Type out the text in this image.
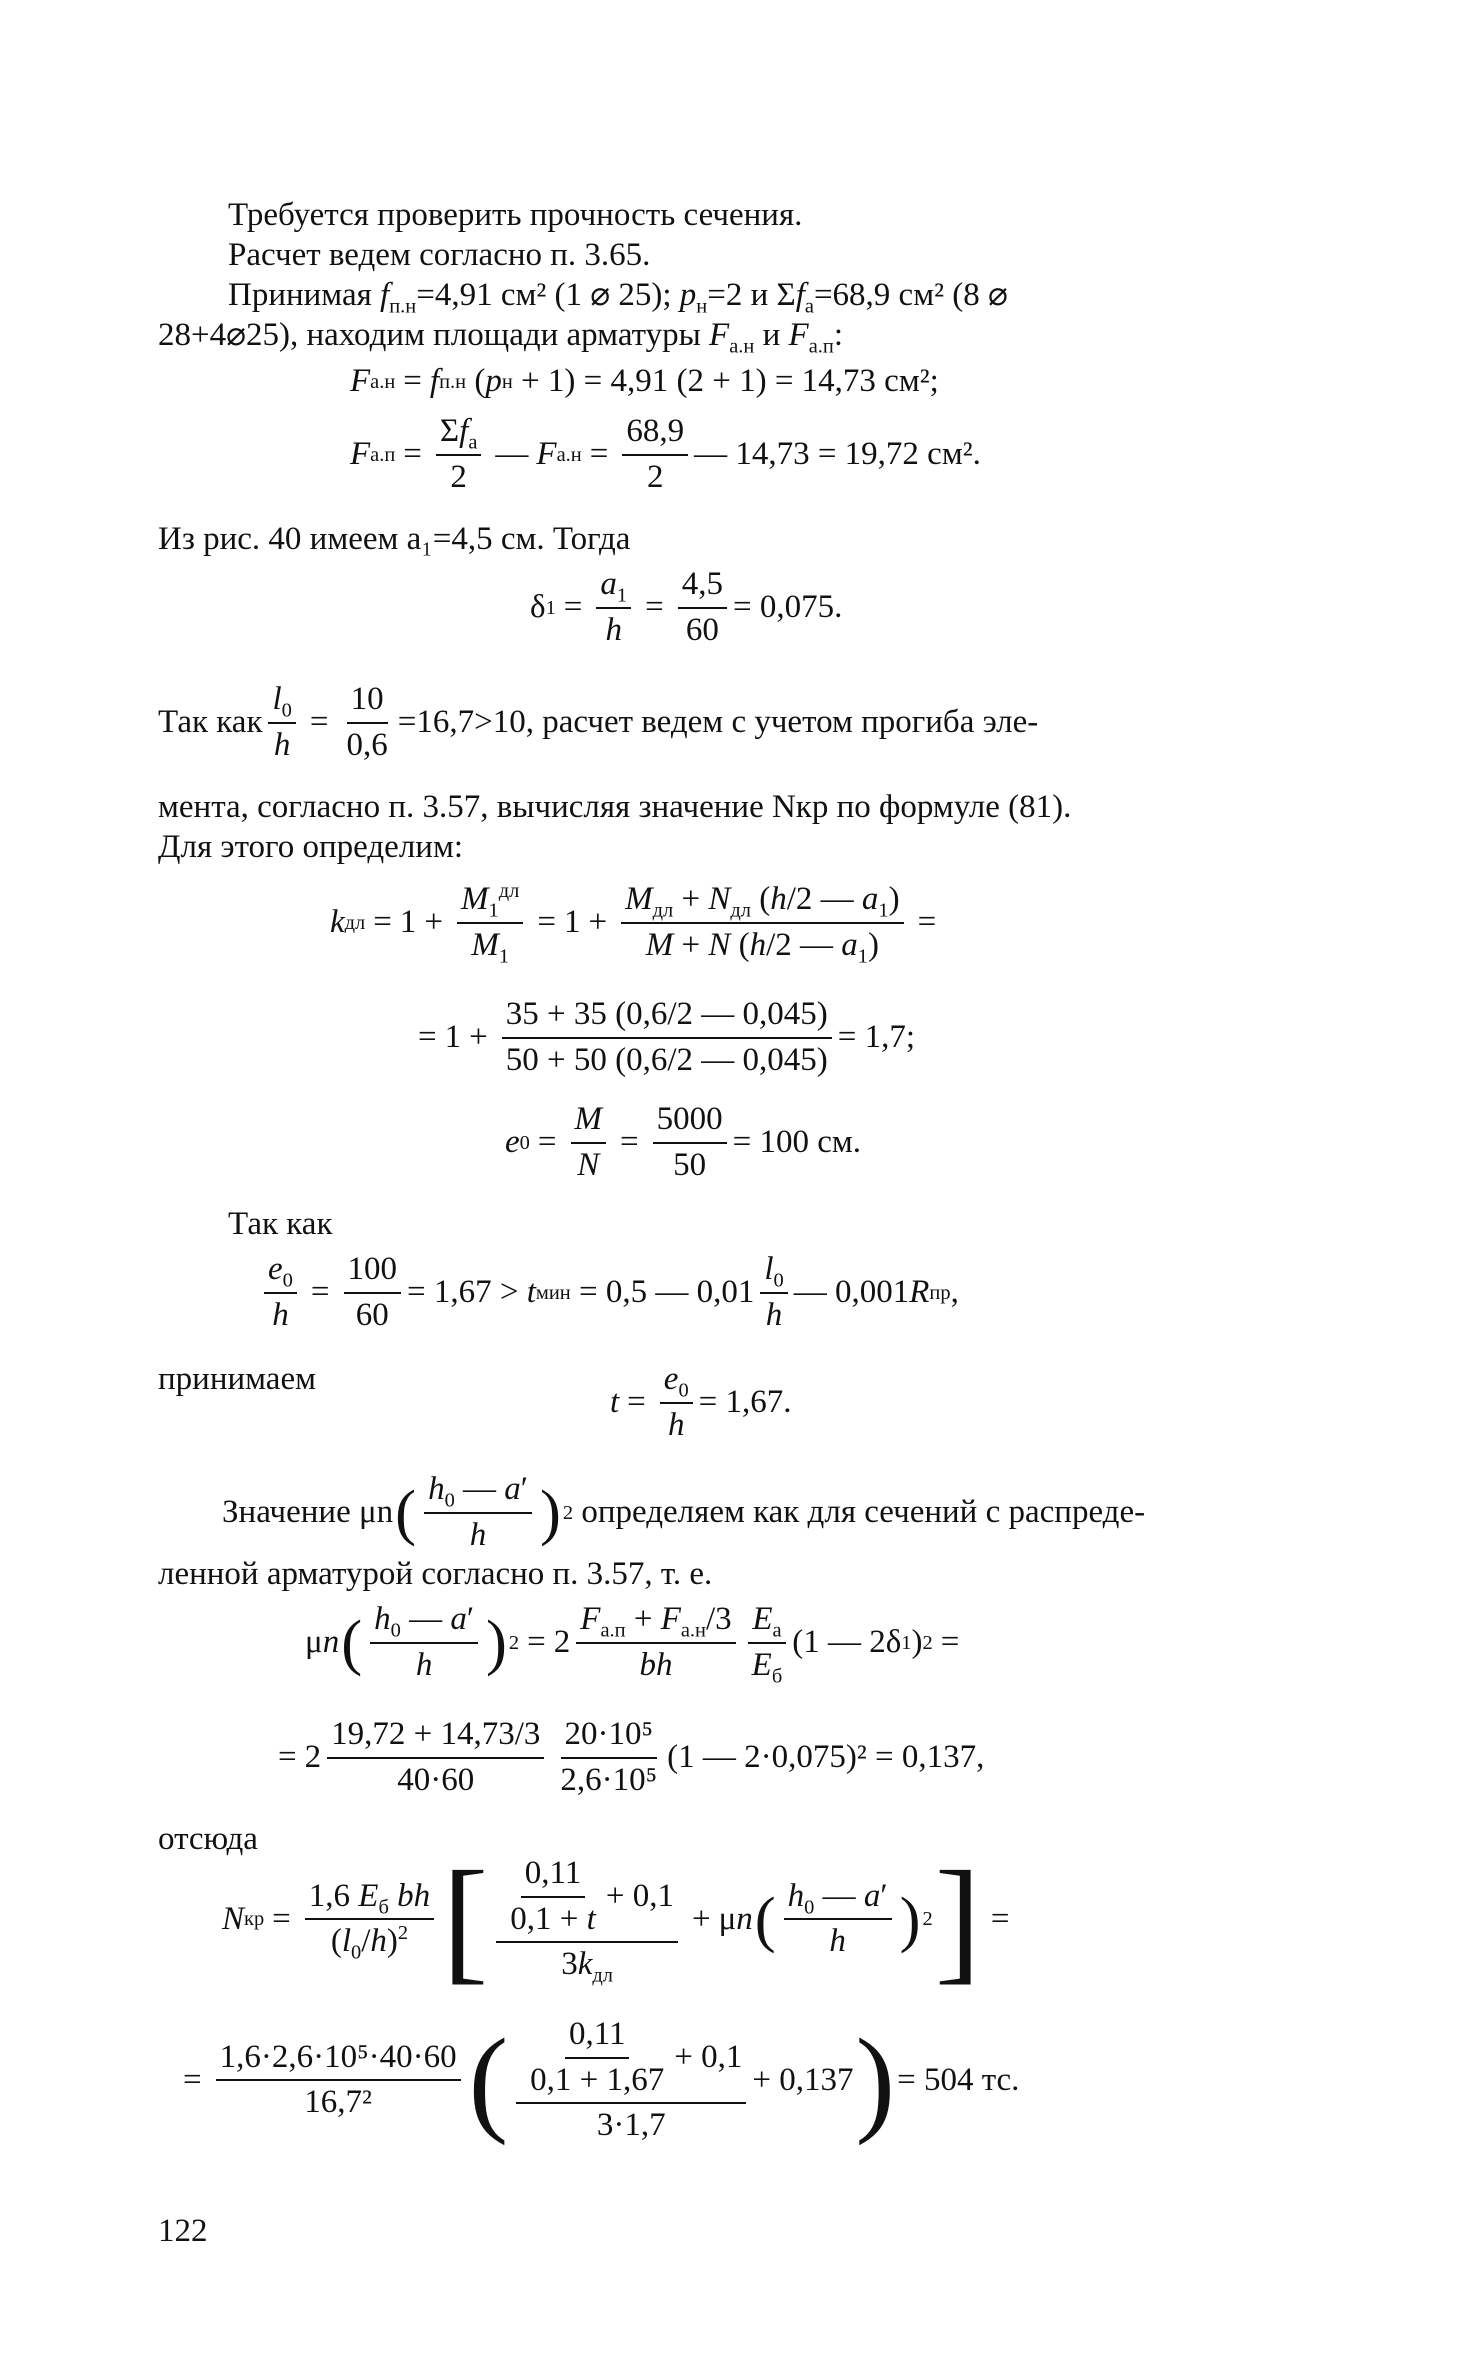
Требуется проверить прочность сечения.
Расчет ведем согласно п. 3.65.
Принимая $f_{п.н}=4,91$ см² (1 ⌀ 25); $p_н=2$ и $\Sigma f_а=68,9$ см² (8 ⌀
28+4⌀25), находим площади арматуры $F_{а.н}$ и $F_{а.п}$:
F а.н = f п.н ( p н + 1) = 4,91 (2 + 1) = 14,73 см²;
F $а.п = \frac{\Sigma f_а}{2}$ — F $а.н = \frac{68,9}{2}$ — 14,73 = 19,72 см².
Из рис. 40 имеем a₁=4,5 см. Тогда
δ $1 = \frac{a_1}{h} = \frac{4,5}{60} = 0,075$.
Так как $\frac{l_0}{h} = \frac{10}{0,6} =16,7>10$, расчет ведем с учетом прогиба эле-
мента, согласно п. 3.57, вычисляя значение Nкр по формуле (81).
Для этого определим:
k дл = $1 + \frac{M_1^{дл}}{M_1} = 1 + \frac{M_{дл} + N_{дл} (h/2 — a_1)}{M + N (h/2 — a_1)}$ =
= $1 + \frac{35 + 35 (0,6/2 — 0,045)}{50 + 50 (0,6/2 — 0,045)} = 1,7$;
e $0 = \frac{M}{N} = \frac{5000}{50} = 100$ см.
Так как
$\frac{e_0}{h} = \frac{100}{60} = 1,67$ >
t мин
= 0,5 — $0,01 \frac{l_0}{h}$ — 0,001 R пр ,
принимаем
$t = \frac{e_0}{h} = 1,67$.
Значение μn ( $\frac{h_0 — a'}{h}$ ) 2
определяем как для сечений с распреде-
ленной арматурой согласно п. 3.57, т. е.
μ n ( $\frac{h_0 — a'}{h}$ ) $2 = 2 \frac{F_{а.п} + F_{а.н}/3}{bh} \frac{E_а}{E_б} (1$ — 2δ 1 ) 2 =
= $2 \frac{19,72 + 14,73/3}{40\cdot 60} \frac{\text{20·10⁵}}{\text{2,6·10⁵}} (1$ — 2·0,075)² = 0,137,
отсюда
N кр = $\frac{1,6 E_б bh}{(l_0/h)^2}$ [ $\frac{\frac{0,11}{0,1 + t} + 0,1}{3k_{дл}} + \mu$ n ( $\frac{h_0 — a'}{h}$ ) 2 ] =
= $\frac{\text{1,6·2,6·10⁵·40·60}}{\text{16,7²}}$ ( $\frac{\frac{0,11}{0,1 + 1,67} + 0,1}{3\cdot 1,7} + 0,137$ ) = 504 тс.
122
